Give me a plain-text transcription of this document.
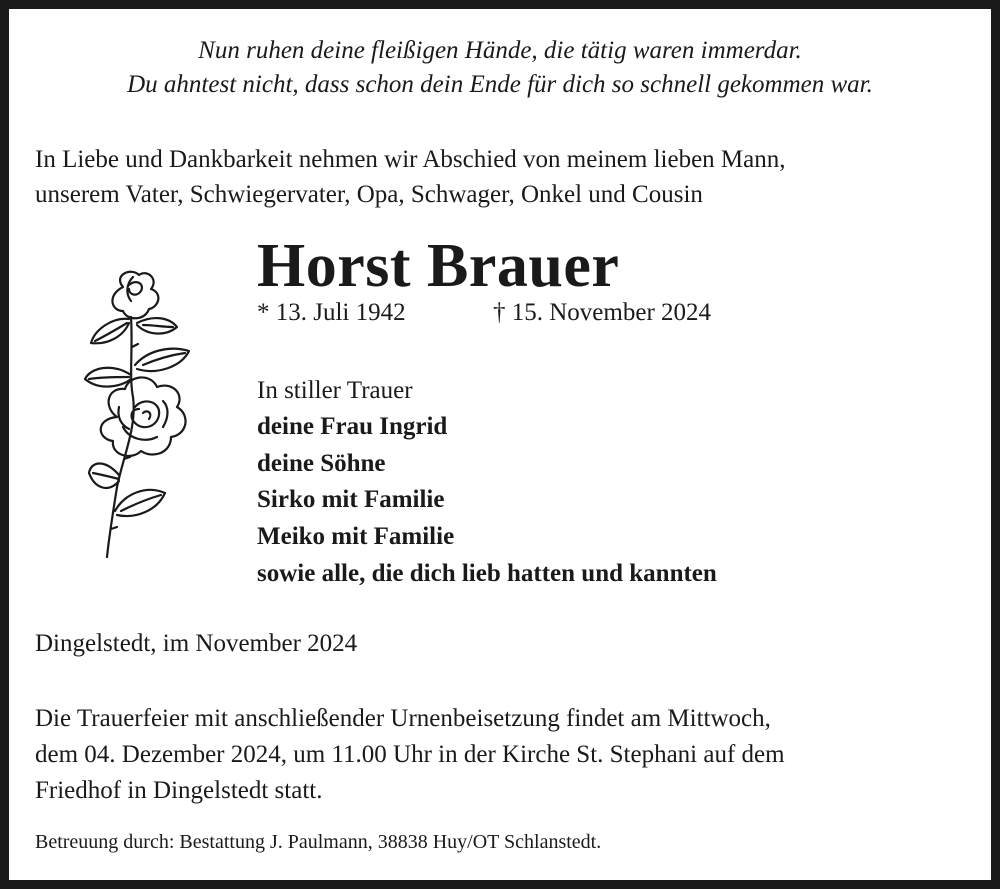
Nun ruhen deine fleißigen Hände, die tätig waren immerdar.
Du ahntest nicht, dass schon dein Ende für dich so schnell gekommen war.
In Liebe und Dankbarkeit nehmen wir Abschied von meinem lieben Mann,
unserem Vater, Schwiegervater, Opa, Schwager, Onkel und Cousin
Horst Brauer
* 13. Juli 1942	† 15. November 2024
In stiller Trauer
deine Frau Ingrid
deine Söhne
Sirko mit Familie
Meiko mit Familie
sowie alle, die dich lieb hatten und kannten
Dingelstedt, im November 2024
Die Trauerfeier mit anschließender Urnenbeisetzung findet am Mittwoch,
dem 04. Dezember 2024, um 11.00 Uhr in der Kirche St. Stephani auf dem
Friedhof in Dingelstedt statt.
Betreuung durch: Bestattung J. Paulmann, 38838 Huy/OT Schlanstedt.
